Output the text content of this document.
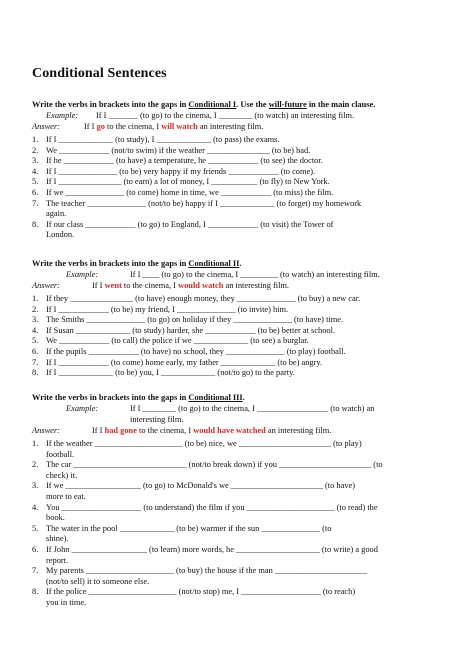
Conditional Sentences
Write the verbs in brackets into the gaps in Conditional I. Use the will-future in the main clause.
Example: If I _______ (to go) to the cinema, I ________ (to watch) an interesting film.
Answer:	If I go to the cinema, I will watch an interesting film.
1. If I _____________ (to study), I _____________ (to pass) the exams.
2. We ____________ (not/to swim) if the weather _______________ (to be) bad.
3. If he ____________ (to have) a temperature, he ____________ (to see) the doctor.
4. If I ______________ (to be) very happy if my friends ____________ (to come).
5. If I _______________ (to earn) a lot of money, I ___________ (to fly) to New York.
6. If we ______________ (to come) home in time, we ____________ (to miss) the film.
7. The teacher ______________ (not/to be) happy if I _____________ (to forget) my homework
again.
8. If our class ____________ (to go) to England, I ____________ (to visit) the Tower of
London.
Write the verbs in brackets into the gaps in Conditional II.
Example:	If I ____ (to go) to the cinema, I _________ (to watch) an interesting film.
Answer:	If I went to the cinema, I would watch an interesting film.
1. If they _______________ (to have) enough money, they ______________ (to buy) a new car.
2. If I ____________ (to be) my friend, I ______________ (to invite) him.
3. The Smiths ______________ (to go) on holiday if they ______________ (to have) time.
4. If Susan _____________ (to study) harder, she ____________ (to be) better at school.
5. We ____________ (to call) the police if we _____________ (to see) a burglar.
6. If the pupils ____________ (to have) no school, they ______________ (to play) football.
7. If I ____________ (to come) home early, my father _____________ (to be) angry.
8. If I _____________ (to be) you, I _____________ (not/to go) to the party.
Write the verbs in brackets into the gaps in Conditional III.
Example:	If I ________ (to go) to the cinema, I _________________ (to watch) an
interesting film.
Answer:	If I had gone to the cinema, I would have watched an interesting film.
1. If the weather _____________________ (to be) nice, we ______________________ (to play)
football.
2. The car ___________________________ (not/to break down) if you ______________________ (to
check) it.
3. If we __________________ (to go) to McDonald's we ______________________ (to have)
more to eat.
4. You ___________________ (to understand) the film if you _____________________ (to read) the
book.
5. The water in the pool _____________ (to be) warmer if the sun ______________ (to
shine).
6. If John __________________ (to learn) more words, he ____________________ (to write) a good
report.
7. My parents _____________________ (to buy) the house if the man ______________________
(not/to sell) it to someone else.
8. If the police _____________________ (not/to stop) me, I ___________________ (to reach)
you in time.
